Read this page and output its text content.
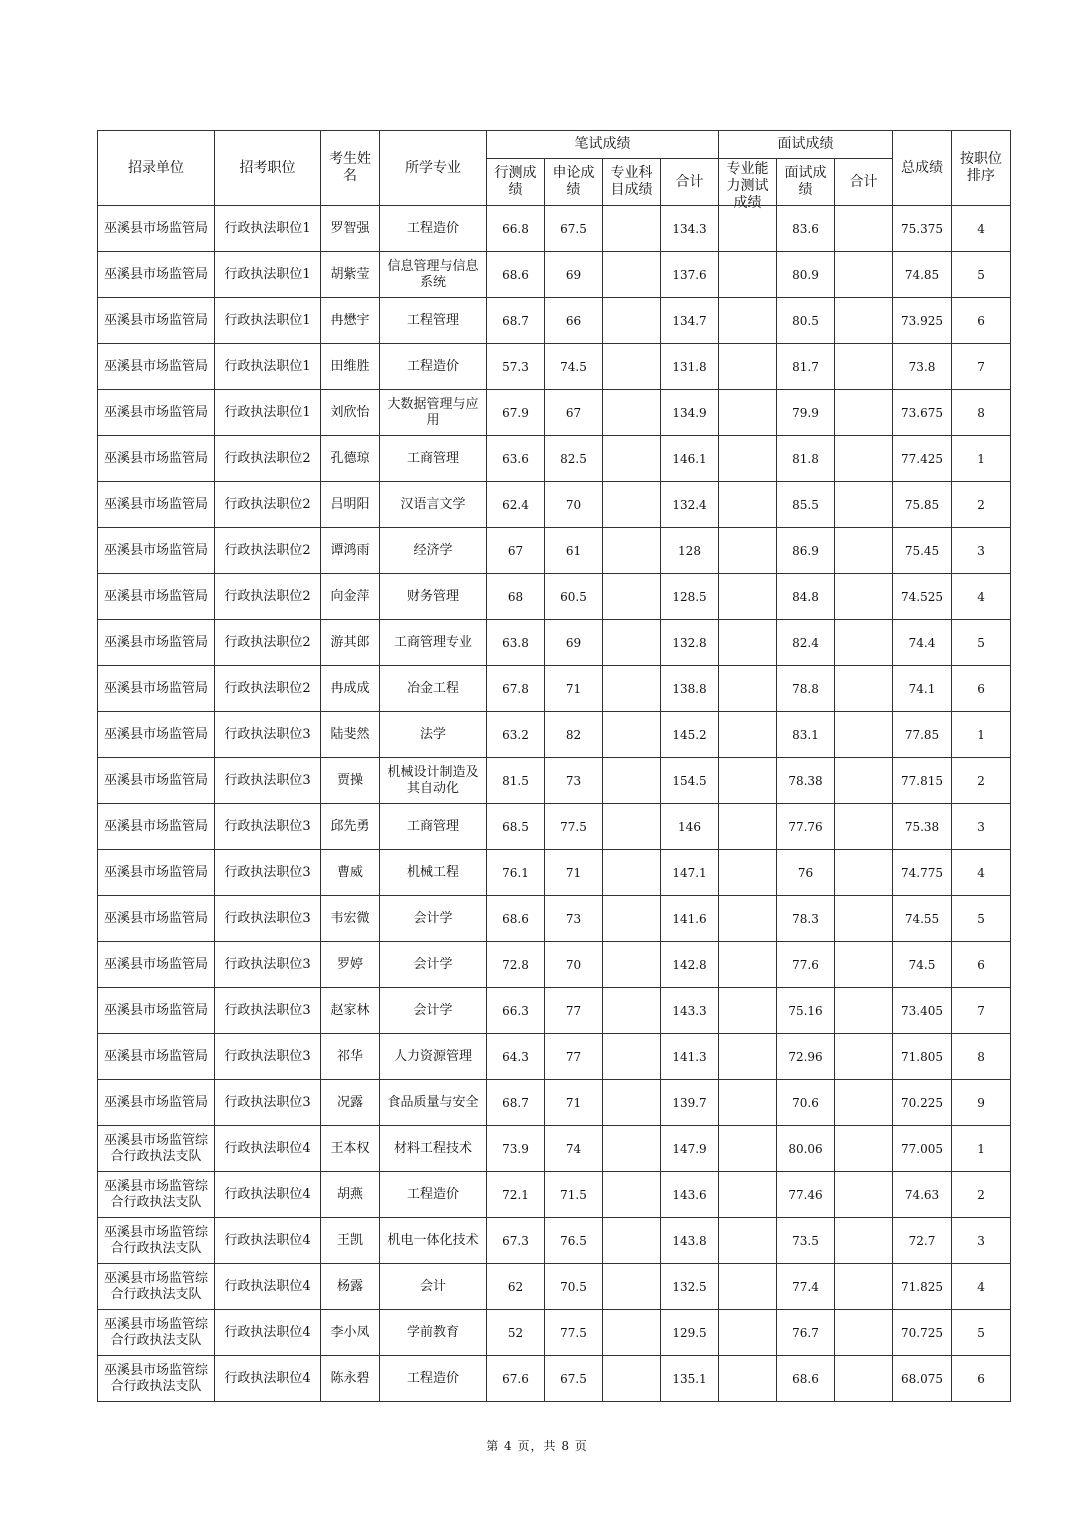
招录单位	招考职位	考生姓名	所学专业	笔试成绩				面试成绩			总成绩	按职位排序
				行测成绩	申论成绩	专业科目成绩	合计	专业能力测试成绩	面试成绩	合计		
巫溪县市场监管局	行政执法职位1	罗智强	工程造价	66.8	67.5		134.3		83.6		75.375	4
巫溪县市场监管局	行政执法职位1	胡紫莹	信息管理与信息系统	68.6	69		137.6		80.9		74.85	5
巫溪县市场监管局	行政执法职位1	冉懋宇	工程管理	68.7	66		134.7		80.5		73.925	6
巫溪县市场监管局	行政执法职位1	田维胜	工程造价	57.3	74.5		131.8		81.7		73.8	7
巫溪县市场监管局	行政执法职位1	刘欣怡	大数据管理与应用	67.9	67		134.9		79.9		73.675	8
巫溪县市场监管局	行政执法职位2	孔德琼	工商管理	63.6	82.5		146.1		81.8		77.425	1
巫溪县市场监管局	行政执法职位2	吕明阳	汉语言文学	62.4	70		132.4		85.5		75.85	2
巫溪县市场监管局	行政执法职位2	谭鸿雨	经济学	67	61		128		86.9		75.45	3
巫溪县市场监管局	行政执法职位2	向金萍	财务管理	68	60.5		128.5		84.8		74.525	4
巫溪县市场监管局	行政执法职位2	游其郎	工商管理专业	63.8	69		132.8		82.4		74.4	5
巫溪县市场监管局	行政执法职位2	冉成成	冶金工程	67.8	71		138.8		78.8		74.1	6
巫溪县市场监管局	行政执法职位3	陆斐然	法学	63.2	82		145.2		83.1		77.85	1
巫溪县市场监管局	行政执法职位3	贾操	机械设计制造及其自动化	81.5	73		154.5		78.38		77.815	2
巫溪县市场监管局	行政执法职位3	邱先勇	工商管理	68.5	77.5		146		77.76		75.38	3
巫溪县市场监管局	行政执法职位3	曹威	机械工程	76.1	71		147.1		76		74.775	4
巫溪县市场监管局	行政执法职位3	韦宏微	会计学	68.6	73		141.6		78.3		74.55	5
巫溪县市场监管局	行政执法职位3	罗婷	会计学	72.8	70		142.8		77.6		74.5	6
巫溪县市场监管局	行政执法职位3	赵家林	会计学	66.3	77		143.3		75.16		73.405	7
巫溪县市场监管局	行政执法职位3	祁华	人力资源管理	64.3	77		141.3		72.96		71.805	8
巫溪县市场监管局	行政执法职位3	况露	食品质量与安全	68.7	71		139.7		70.6		70.225	9
巫溪县市场监管综合行政执法支队	行政执法职位4	王本权	材料工程技术	73.9	74		147.9		80.06		77.005	1
巫溪县市场监管综合行政执法支队	行政执法职位4	胡燕	工程造价	72.1	71.5		143.6		77.46		74.63	2
巫溪县市场监管综合行政执法支队	行政执法职位4	王凯	机电一体化技术	67.3	76.5		143.8		73.5		72.7	3
巫溪县市场监管综合行政执法支队	行政执法职位4	杨露	会计	62	70.5		132.5		77.4		71.825	4
巫溪县市场监管综合行政执法支队	行政执法职位4	李小凤	学前教育	52	77.5		129.5		76.7		70.725	5
巫溪县市场监管综合行政执法支队	行政执法职位4	陈永碧	工程造价	67.6	67.5		135.1		68.6		68.075	6
第 4 页，共 8 页
